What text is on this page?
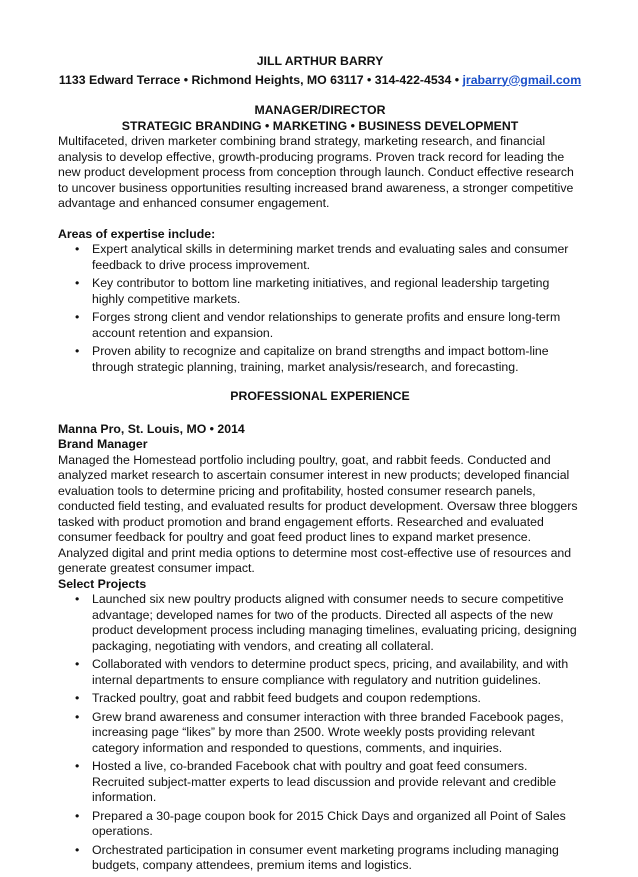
JILL ARTHUR BARRY

1133 Edward Terrace • Richmond Heights, MO 63117 • 314-422-4534 • jrabarry@gmail.com

MANAGER/DIRECTOR

STRATEGIC BRANDING • MARKETING • BUSINESS DEVELOPMENT

Multifaceted, driven marketer combining brand strategy, marketing research, and financial analysis to develop effective, growth-producing programs. Proven track record for leading the new product development process from conception through launch. Conduct effective research to uncover business opportunities resulting increased brand awareness, a stronger competitive advantage and enhanced consumer engagement.

Areas of expertise include:

• Expert analytical skills in determining market trends and evaluating sales and consumer feedback to drive process improvement.
• Key contributor to bottom line marketing initiatives, and regional leadership targeting highly competitive markets.
• Forges strong client and vendor relationships to generate profits and ensure long-term account retention and expansion.
• Proven ability to recognize and capitalize on brand strengths and impact bottom-line through strategic planning, training, market analysis/research, and forecasting.

PROFESSIONAL EXPERIENCE

Manna Pro, St. Louis, MO • 2014

Brand Manager

Managed the Homestead portfolio including poultry, goat, and rabbit feeds. Conducted and analyzed market research to ascertain consumer interest in new products; developed financial evaluation tools to determine pricing and profitability, hosted consumer research panels, conducted field testing, and evaluated results for product development. Oversaw three bloggers tasked with product promotion and brand engagement efforts. Researched and evaluated consumer feedback for poultry and goat feed product lines to expand market presence. Analyzed digital and print media options to determine most cost-effective use of resources and generate greatest consumer impact.

Select Projects

• Launched six new poultry products aligned with consumer needs to secure competitive advantage; developed names for two of the products. Directed all aspects of the new product development process including managing timelines, evaluating pricing, designing packaging, negotiating with vendors, and creating all collateral.
• Collaborated with vendors to determine product specs, pricing, and availability, and with internal departments to ensure compliance with regulatory and nutrition guidelines.
• Tracked poultry, goat and rabbit feed budgets and coupon redemptions.
• Grew brand awareness and consumer interaction with three branded Facebook pages, increasing page “likes” by more than 2500. Wrote weekly posts providing relevant category information and responded to questions, comments, and inquiries.
• Hosted a live, co-branded Facebook chat with poultry and goat feed consumers. Recruited subject-matter experts to lead discussion and provide relevant and credible information.
• Prepared a 30-page coupon book for 2015 Chick Days and organized all Point of Sales operations.
• Orchestrated participation in consumer event marketing programs including managing budgets, company attendees, premium items and logistics.
